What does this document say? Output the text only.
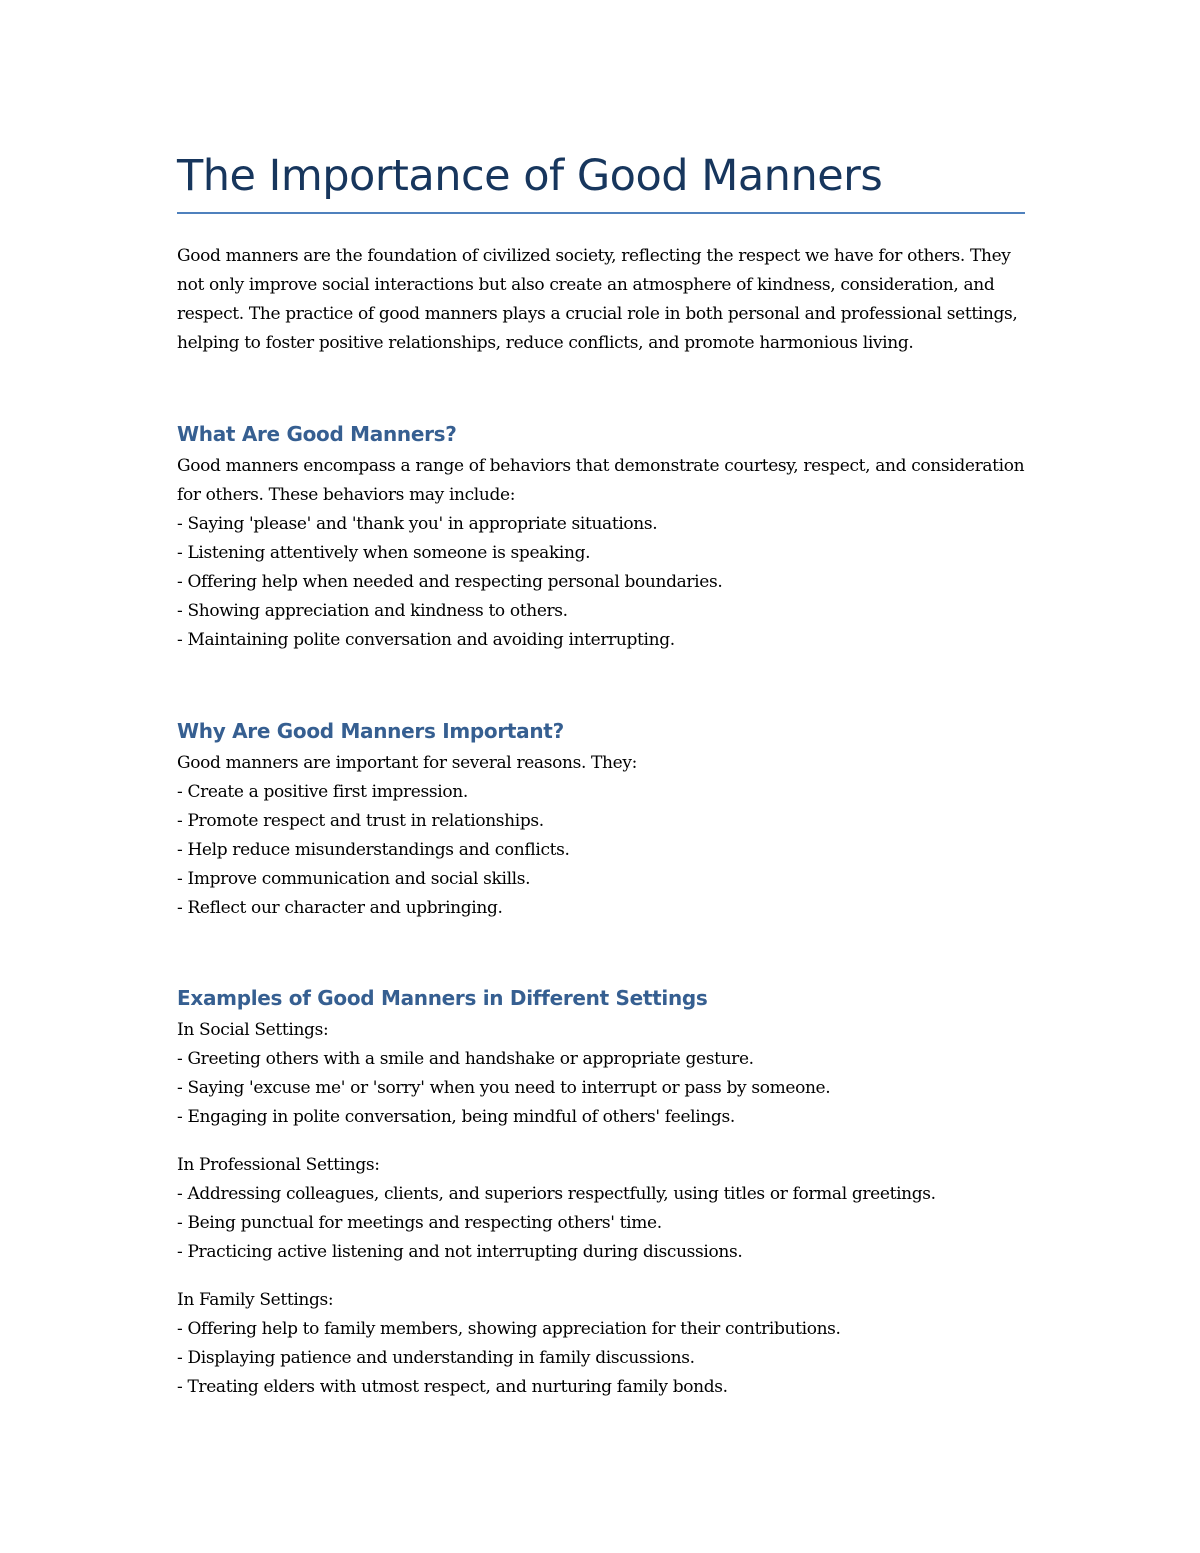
The Importance of Good Manners

Good manners are the foundation of civilized society, reflecting the respect we have for others. They not only improve social interactions but also create an atmosphere of kindness, consideration, and respect. The practice of good manners plays a crucial role in both personal and professional settings, helping to foster positive relationships, reduce conflicts, and promote harmonious living.

What Are Good Manners?

Good manners encompass a range of behaviors that demonstrate courtesy, respect, and consideration for others. These behaviors may include:

- Saying 'please' and 'thank you' in appropriate situations.
- Listening attentively when someone is speaking.
- Offering help when needed and respecting personal boundaries.
- Showing appreciation and kindness to others.
- Maintaining polite conversation and avoiding interrupting.
Why Are Good Manners Important?

Good manners are important for several reasons. They:

- Create a positive first impression.
- Promote respect and trust in relationships.
- Help reduce misunderstandings and conflicts.
- Improve communication and social skills.
- Reflect our character and upbringing.
Examples of Good Manners in Different Settings

In Social Settings:

- Greeting others with a smile and handshake or appropriate gesture.
- Saying 'excuse me' or 'sorry' when you need to interrupt or pass by someone.
- Engaging in polite conversation, being mindful of others' feelings.

In Professional Settings:

- Addressing colleagues, clients, and superiors respectfully, using titles or formal greetings.
- Being punctual for meetings and respecting others' time.
- Practicing active listening and not interrupting during discussions.

In Family Settings:

- Offering help to family members, showing appreciation for their contributions.
- Displaying patience and understanding in family discussions.
- Treating elders with utmost respect, and nurturing family bonds.
